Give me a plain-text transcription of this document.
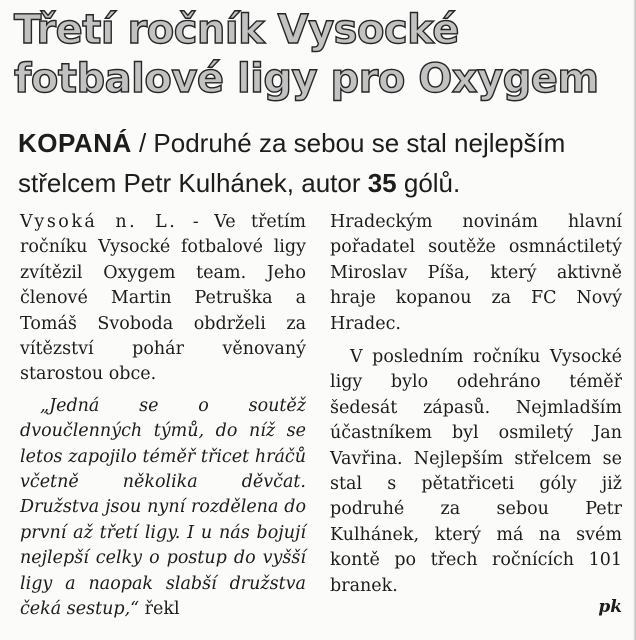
Třetí ročník Vysocké fotbalové ligy pro Oxygem
KOPANÁ / Podruhé za sebou se stal nejlepším střelcem Petr Kulhánek, autor 35 gólů.

Vysoká n. L. - Ve třetím ročníku Vysocké fotbalové ligy zvítězil Oxygem team. Jeho členové Martin Petruška a Tomáš Svoboda obdrželi za vítězství pohár věnovaný starostou obce.

„Jedná se o soutěž dvoučlenných týmů, do níž se letos zapojilo téměř třicet hráčů včetně několika děvčat. Družstva jsou nyní rozdělena do první až třetí ligy. I u nás bojují nejlepší celky o postup do vyšší ligy a naopak slabší družstva čeká sestup,“ řekl

Hradeckým novinám hlavní pořadatel soutěže osmnáctiletý Miroslav Píša, který aktivně hraje kopanou za FC Nový Hradec.

V posledním ročníku Vysocké ligy bylo odehráno téměř šedesát zápasů. Nejmladším účastníkem byl osmiletý Jan Vavřina. Nejlepším střelcem se stal s pětatřiceti góly již podruhé za sebou Petr Kulhánek, který má na svém kontě po třech ročnících 101 branek.

pk
